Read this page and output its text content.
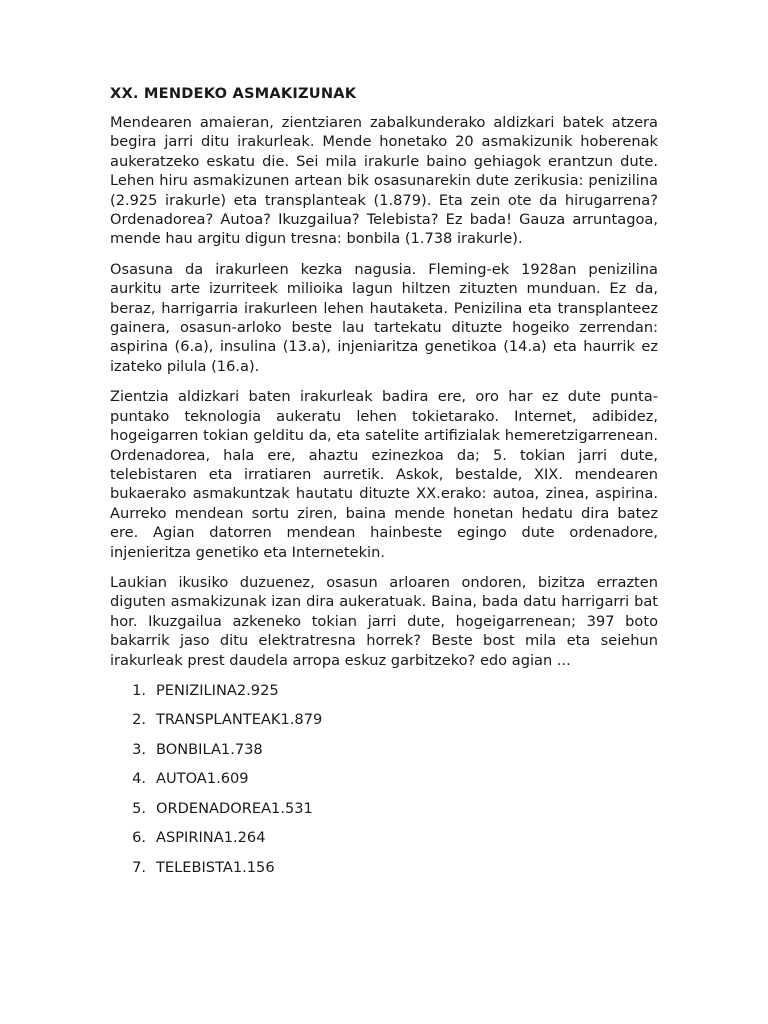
XX. MENDEKO ASMAKIZUNAK

Mendearen amaieran, zientziaren zabalkunderako aldizkari batek atzera begira jarri ditu irakurleak. Mende honetako 20 asmakizunik hoberenak aukeratzeko eskatu die. Sei mila irakurle baino gehiagok erantzun dute. Lehen hiru asmakizunen artean bik osasunarekin dute zerikusia: penizilina (2.925 irakurle) eta transplanteak (1.879). Eta zein ote da hirugarrena? Ordenadorea? Autoa? Ikuzgailua? Telebista? Ez bada! Gauza arruntagoa, mende hau argitu digun tresna: bonbila (1.738 irakurle).

Osasuna da irakurleen kezka nagusia. Fleming-ek 1928an penizilina aurkitu arte izurriteek milioika lagun hiltzen zituzten munduan. Ez da, beraz, harrigarria irakurleen lehen hautaketa. Penizilina eta transplanteez gainera, osasun-arloko beste lau tartekatu dituzte hogeiko zerrendan: aspirina (6.a), insulina (13.a), injeniaritza genetikoa (14.a) eta haurrik ez izateko pilula (16.a).

Zientzia aldizkari baten irakurleak badira ere, oro har ez dute punta-puntako teknologia aukeratu lehen tokietarako. Internet, adibidez, hogeigarren tokian gelditu da, eta satelite artifizialak hemeretzigarrenean. Ordenadorea, hala ere, ahaztu ezinezkoa da; 5. tokian jarri dute, telebistaren eta irratiaren aurretik. Askok, bestalde, XIX. mendearen bukaerako asmakuntzak hautatu dituzte XX.erako: autoa, zinea, aspirina. Aurreko mendean sortu ziren, baina mende honetan hedatu dira batez ere. Agian datorren mendean hainbeste egingo dute ordenadore, injenieritza genetiko eta Internetekin.

Laukian ikusiko duzuenez, osasun arloaren ondoren, bizitza errazten diguten asmakizunak izan dira aukeratuak. Baina, bada datu harrigarri bat hor. Ikuzgailua azkeneko tokian jarri dute, hogeigarrenean; 397 boto bakarrik jaso ditu elektratresna horrek? Beste bost mila eta seiehun irakurleak prest daudela arropa eskuz garbitzeko? edo agian ...

1. PENIZILINA2.925
2. TRANSPLANTEAK1.879
3. BONBILA1.738
4. AUTOA1.609
5. ORDENADOREA1.531
6. ASPIRINA1.264
7. TELEBISTA1.156
